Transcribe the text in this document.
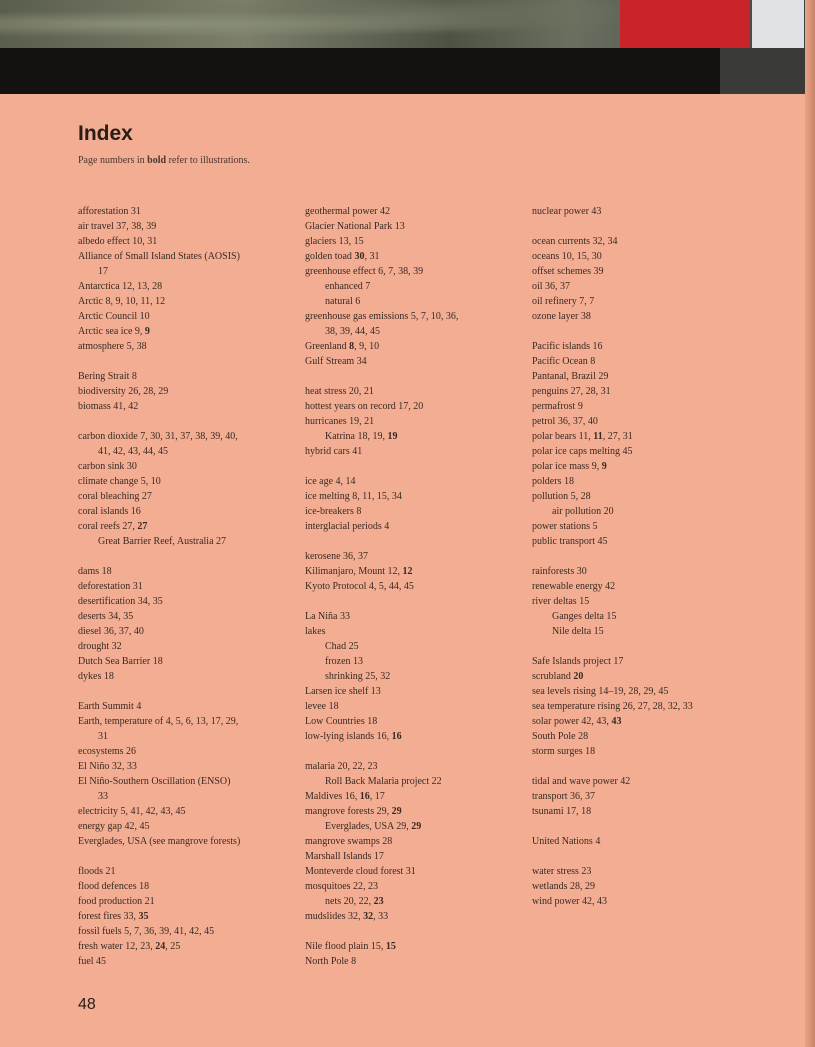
Index
Page numbers in bold refer to illustrations.
afforestation 31
air travel 37, 38, 39
albedo effect 10, 31
Alliance of Small Island States (AOSIS)
17
Antarctica 12, 13, 28
Arctic 8, 9, 10, 11, 12
Arctic Council 10
Arctic sea ice 9, 9
atmosphere 5, 38
Bering Strait 8
biodiversity 26, 28, 29
biomass 41, 42
carbon dioxide 7, 30, 31, 37, 38, 39, 40,
41, 42, 43, 44, 45
carbon sink 30
climate change 5, 10
coral bleaching 27
coral islands 16
coral reefs 27, 27
Great Barrier Reef, Australia 27
dams 18
deforestation 31
desertification 34, 35
deserts 34, 35
diesel 36, 37, 40
drought 32
Dutch Sea Barrier 18
dykes 18
Earth Summit 4
Earth, temperature of 4, 5, 6, 13, 17, 29,
31
ecosystems 26
El Niño 32, 33
El Niño-Southern Oscillation (ENSO)
33
electricity 5, 41, 42, 43, 45
energy gap 42, 45
Everglades, USA (see mangrove forests)
floods 21
flood defences 18
food production 21
forest fires 33, 35
fossil fuels 5, 7, 36, 39, 41, 42, 45
fresh water 12, 23, 24, 25
fuel 45
geothermal power 42
Glacier National Park 13
glaciers 13, 15
golden toad 30, 31
greenhouse effect 6, 7, 38, 39
enhanced 7
natural 6
greenhouse gas emissions 5, 7, 10, 36,
38, 39, 44, 45
Greenland 8, 9, 10
Gulf Stream 34
heat stress 20, 21
hottest years on record 17, 20
hurricanes 19, 21
Katrina 18, 19, 19
hybrid cars 41
ice age 4, 14
ice melting 8, 11, 15, 34
ice-breakers 8
interglacial periods 4
kerosene 36, 37
Kilimanjaro, Mount 12, 12
Kyoto Protocol 4, 5, 44, 45
La Niña 33
lakes
Chad 25
frozen 13
shrinking 25, 32
Larsen ice shelf 13
levee 18
Low Countries 18
low-lying islands 16, 16
malaria 20, 22, 23
Roll Back Malaria project 22
Maldives 16, 16, 17
mangrove forests 29, 29
Everglades, USA 29, 29
mangrove swamps 28
Marshall Islands 17
Monteverde cloud forest 31
mosquitoes 22, 23
nets 20, 22, 23
mudslides 32, 32, 33
Nile flood plain 15, 15
North Pole 8
nuclear power 43
ocean currents 32, 34
oceans 10, 15, 30
offset schemes 39
oil 36, 37
oil refinery 7, 7
ozone layer 38
Pacific islands 16
Pacific Ocean 8
Pantanal, Brazil 29
penguins 27, 28, 31
permafrost 9
petrol 36, 37, 40
polar bears 11, 11, 27, 31
polar ice caps melting 45
polar ice mass 9, 9
polders 18
pollution 5, 28
air pollution 20
power stations 5
public transport 45
rainforests 30
renewable energy 42
river deltas 15
Ganges delta 15
Nile delta 15
Safe Islands project 17
scrubland 20
sea levels rising 14–19, 28, 29, 45
sea temperature rising 26, 27, 28, 32, 33
solar power 42, 43, 43
South Pole 28
storm surges 18
tidal and wave power 42
transport 36, 37
tsunami 17, 18
United Nations 4
water stress 23
wetlands 28, 29
wind power 42, 43
48
